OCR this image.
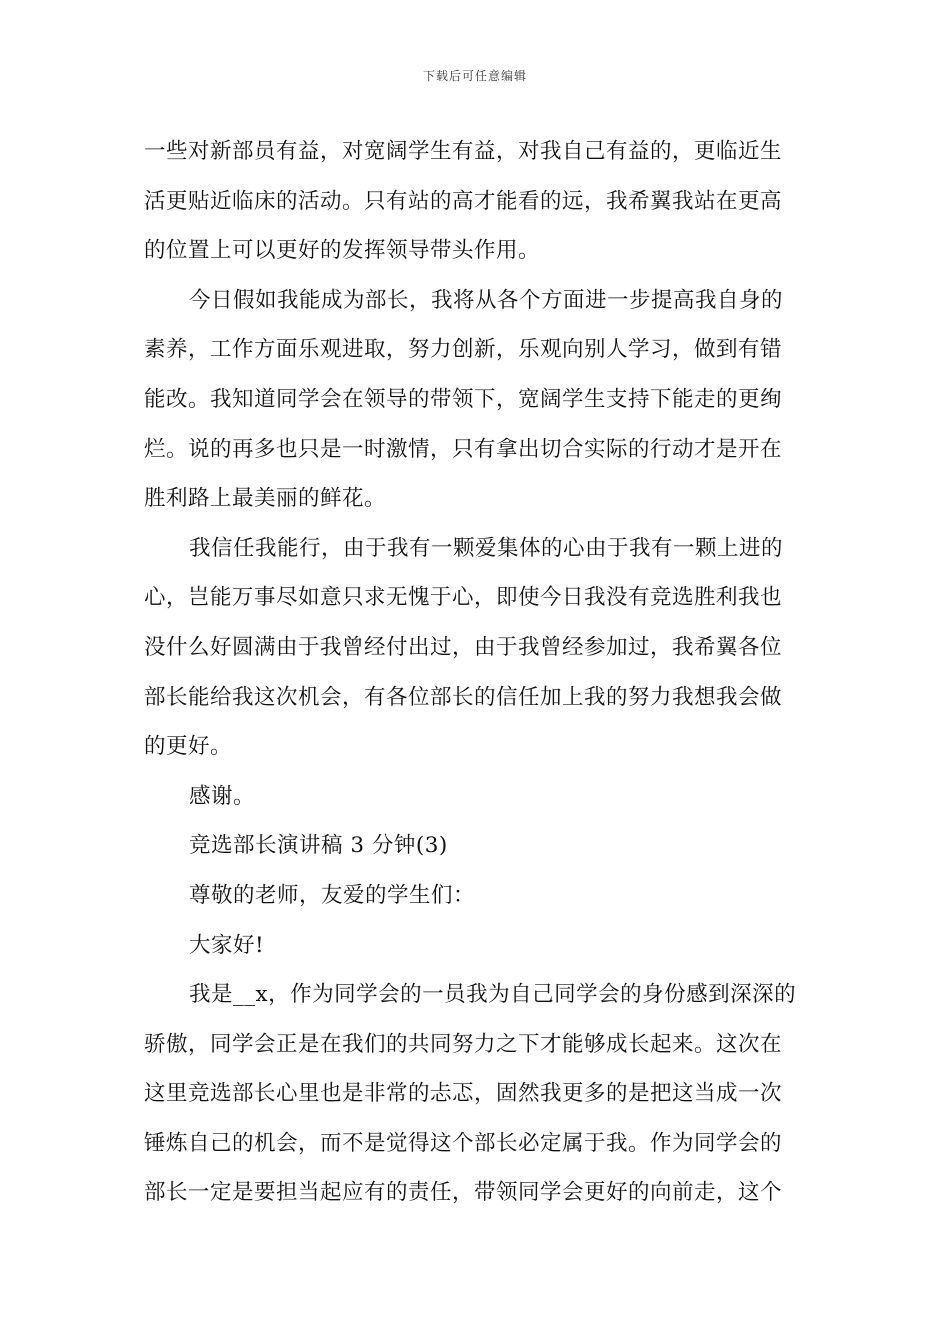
下载后可任意编辑
一些对新部员有益，对宽阔学生有益，对我自己有益的，更临近生
活更贴近临床的活动。只有站的高才能看的远，我希翼我站在更高
的位置上可以更好的发挥领导带头作用。
今日假如我能成为部长，我将从各个方面进一步提高我自身的
素养，工作方面乐观进取，努力创新，乐观向别人学习，做到有错
能改。我知道同学会在领导的带领下，宽阔学生支持下能走的更绚
烂。说的再多也只是一时激情，只有拿出切合实际的行动才是开在
胜利路上最美丽的鲜花。
我信任我能行，由于我有一颗爱集体的心由于我有一颗上进的
心，岂能万事尽如意只求无愧于心，即使今日我没有竞选胜利我也
没什么好圆满由于我曾经付出过，由于我曾经参加过，我希翼各位
部长能给我这次机会，有各位部长的信任加上我的努力我想我会做
的更好。
感谢。
竞选部长演讲稿 3 分钟(3)
尊敬的老师，友爱的学生们：
大家好!
我是__x，作为同学会的一员我为自己同学会的身份感到深深的
骄傲，同学会正是在我们的共同努力之下才能够成长起来。这次在
这里竞选部长心里也是非常的忐忑，固然我更多的是把这当成一次
锤炼自己的机会，而不是觉得这个部长必定属于我。作为同学会的
部长一定是要担当起应有的责任，带领同学会更好的向前走，这个
